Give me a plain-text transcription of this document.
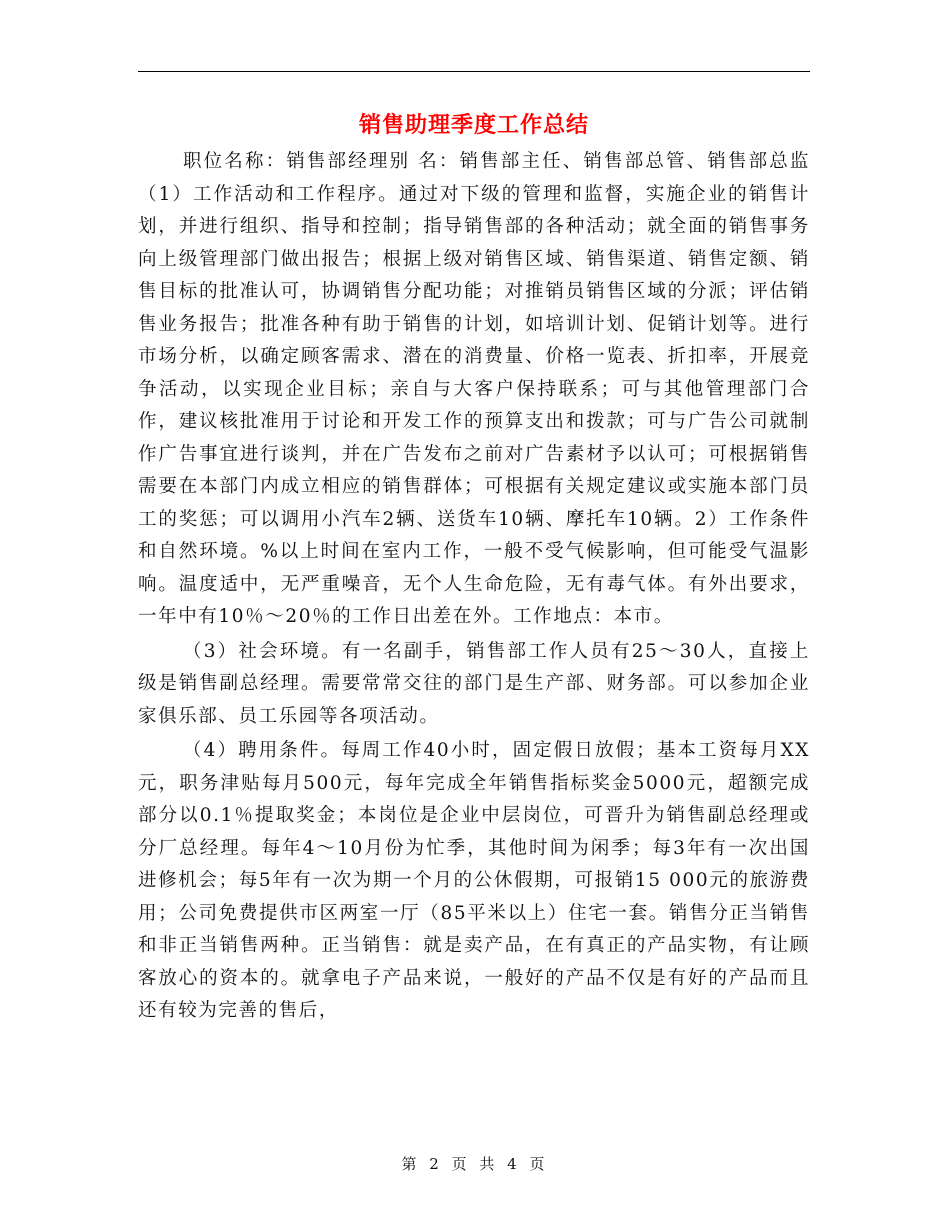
销售助理季度工作总结

职位名称：销售部经理别 名：销售部主任、销售部总管、销售部总监（1）工作活动和工作程序。通过对下级的管理和监督，实施企业的销售计划，并进行组织、指导和控制；指导销售部的各种活动；就全面的销售事务向上级管理部门做出报告；根据上级对销售区域、销售渠道、销售定额、销售目标的批准认可，协调销售分配功能；对推销员销售区域的分派；评估销售业务报告；批准各种有助于销售的计划，如培训计划、促销计划等。进行市场分析，以确定顾客需求、潜在的消费量、价格一览表、折扣率，开展竞争活动，以实现企业目标；亲自与大客户保持联系；可与其他管理部门合作，建议核批准用于讨论和开发工作的预算支出和拨款；可与广告公司就制作广告事宜进行谈判，并在广告发布之前对广告素材予以认可；可根据销售需要在本部门内成立相应的销售群体；可根据有关规定建议或实施本部门员工的奖惩；可以调用小汽车2辆、送货车10辆、摩托车10辆。2）工作条件和自然环境。%以上时间在室内工作，一般不受气候影响，但可能受气温影响。温度适中，无严重噪音，无个人生命危险，无有毒气体。有外出要求，一年中有10％～20％的工作日出差在外。工作地点：本市。

（3）社会环境。有一名副手，销售部工作人员有25～30人，直接上级是销售副总经理。需要常常交往的部门是生产部、财务部。可以参加企业家俱乐部、员工乐园等各项活动。

（4）聘用条件。每周工作40小时，固定假日放假；基本工资每月XX元，职务津贴每月500元，每年完成全年销售指标奖金5000元，超额完成部分以0.1％提取奖金；本岗位是企业中层岗位，可晋升为销售副总经理或分厂总经理。每年4～10月份为忙季，其他时间为闲季；每3年有一次出国进修机会；每5年有一次为期一个月的公休假期，可报销15 000元的旅游费用；公司免费提供市区两室一厅（85平米以上）住宅一套。销售分正当销售和非正当销售两种。正当销售：就是卖产品，在有真正的产品实物，有让顾客放心的资本的。就拿电子产品来说，一般好的产品不仅是有好的产品而且还有较为完善的售后，

第 2 页 共 4 页
